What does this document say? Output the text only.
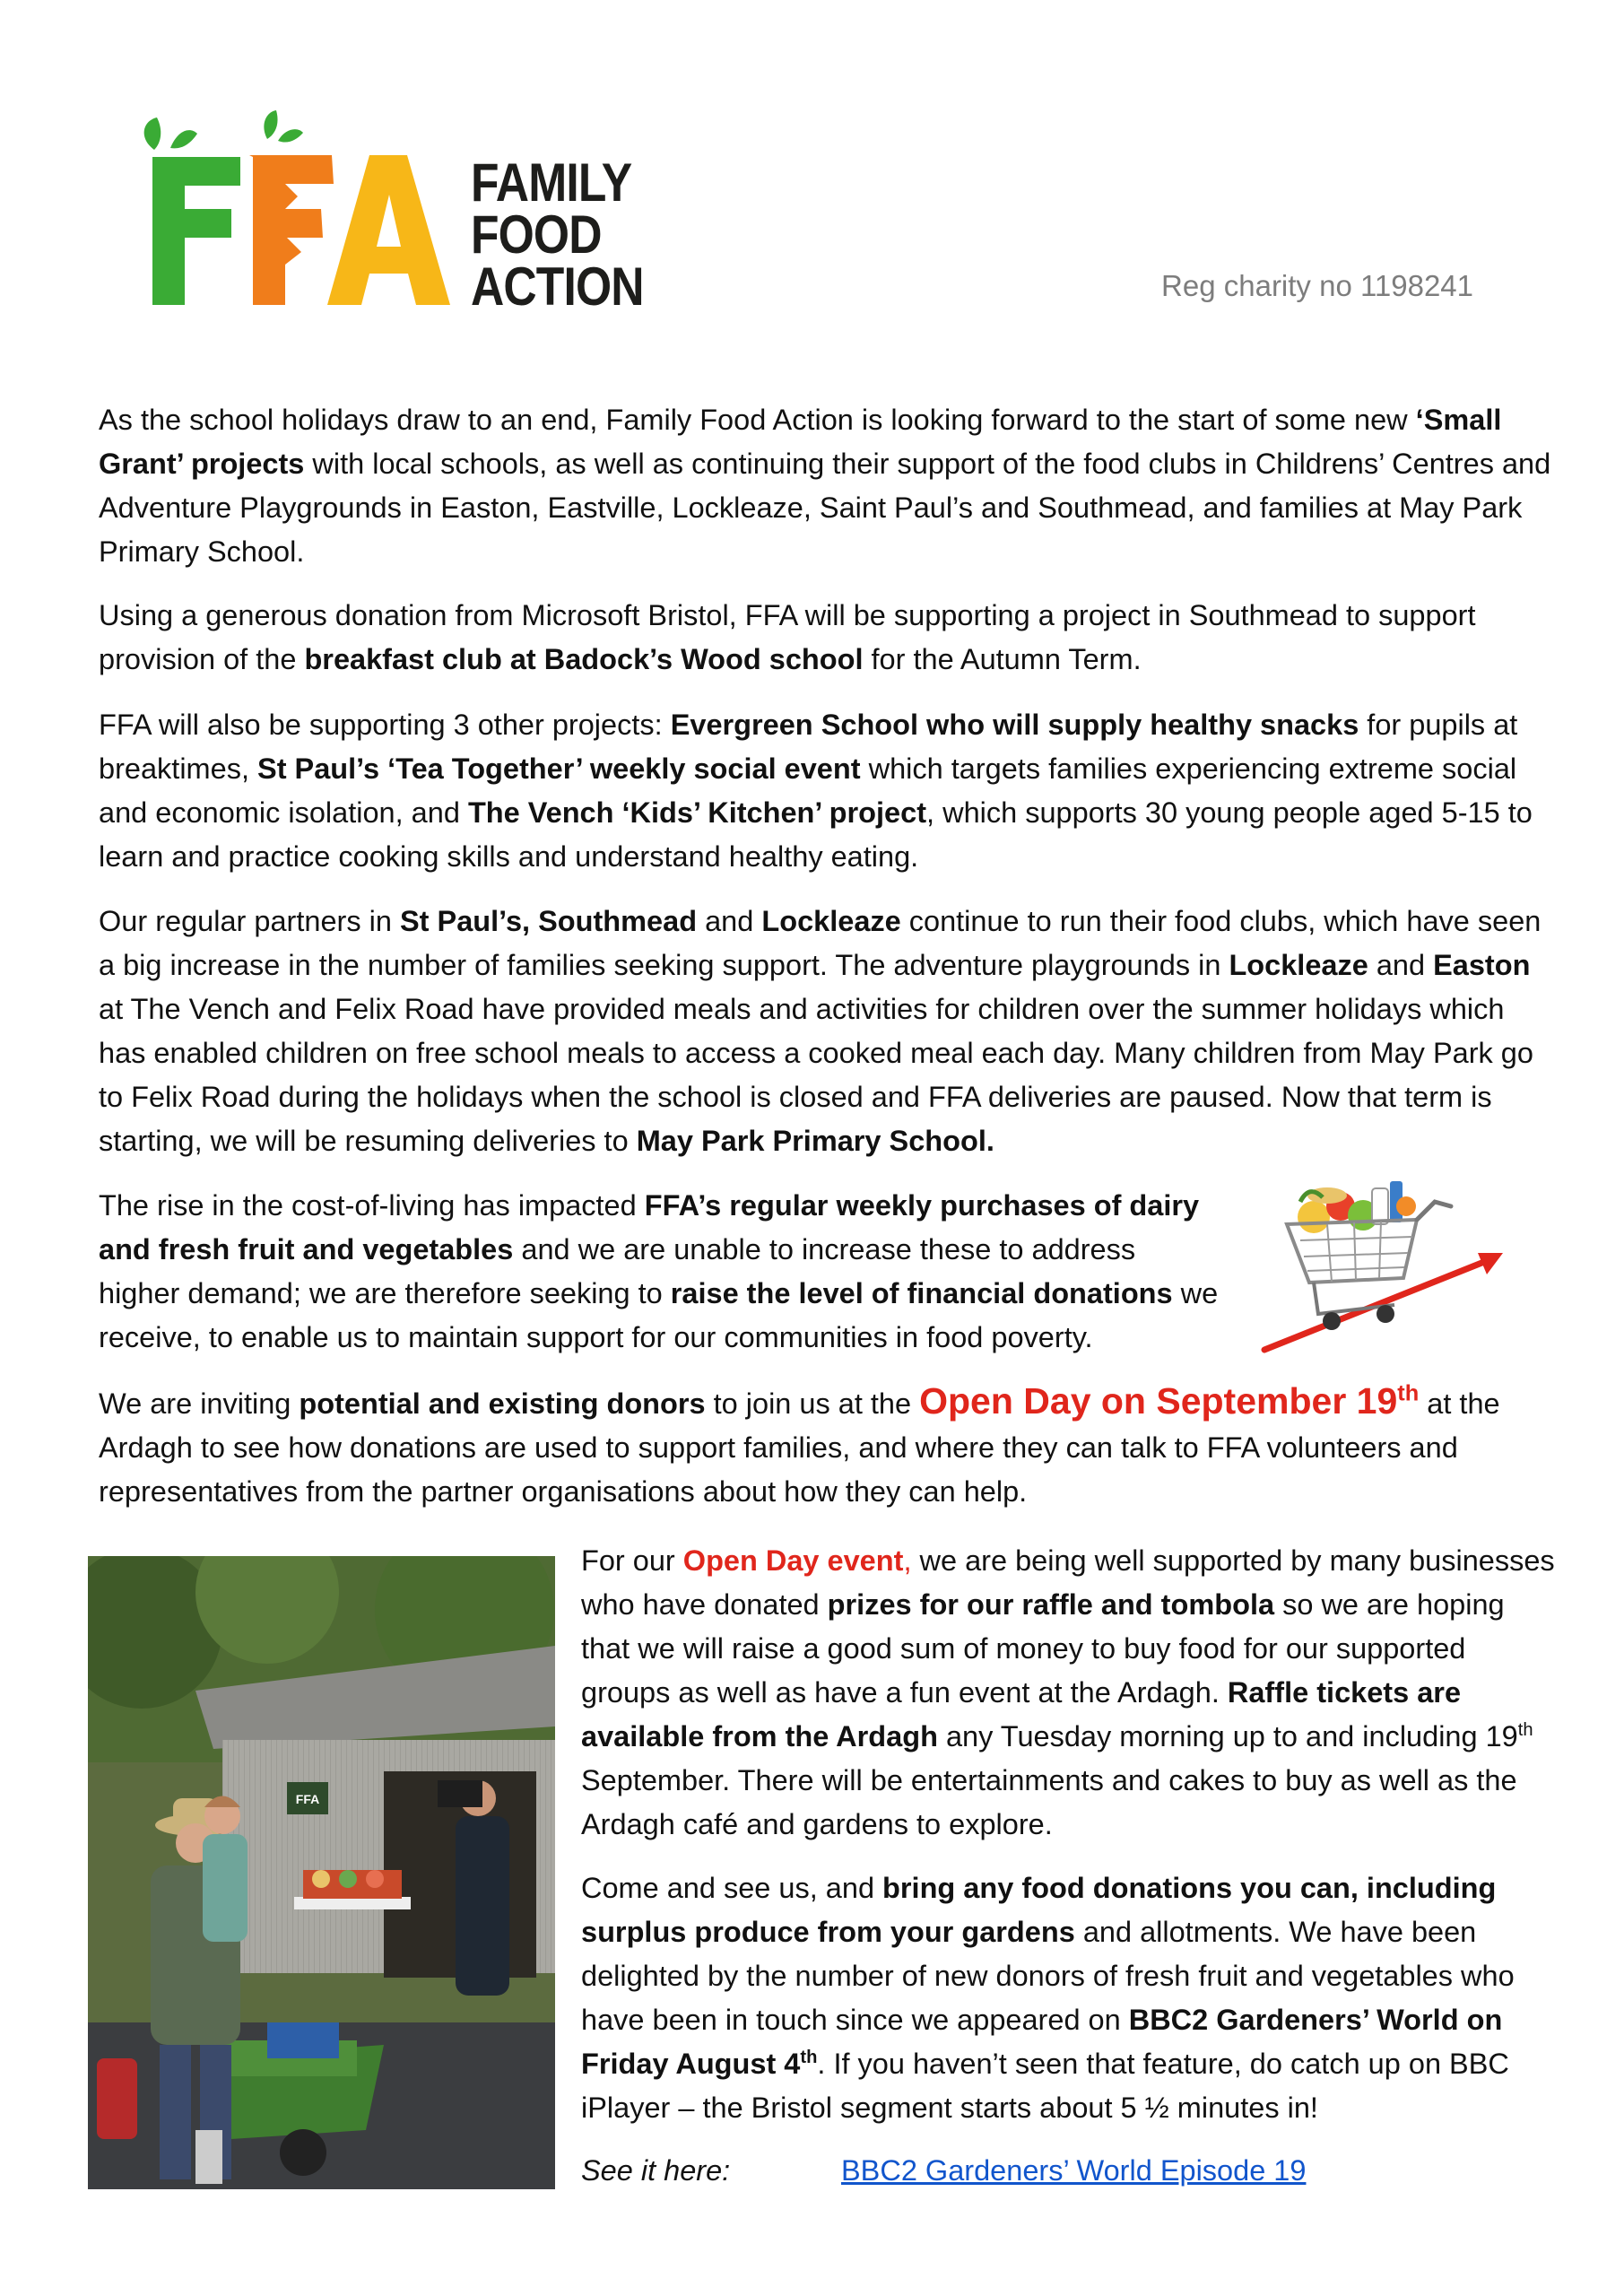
FAMILY
FOOD
ACTION	Reg charity no 1198241

As the school holidays draw to an end, Family Food Action is looking forward to the start of some new ‘Small Grant’ projects with local schools, as well as continuing their support of the food clubs in Childrens’ Centres and Adventure Playgrounds in Easton, Eastville, Lockleaze, Saint Paul’s and Southmead, and families at May Park Primary School.

Using a generous donation from Microsoft Bristol, FFA will be supporting a project in Southmead to support provision of the breakfast club at Badock’s Wood school for the Autumn Term.

FFA will also be supporting 3 other projects: Evergreen School who will supply healthy snacks for pupils at breaktimes, St Paul’s ‘Tea Together’ weekly social event which targets families experiencing extreme social and economic isolation, and The Vench ‘Kids’ Kitchen’ project, which supports 30 young people aged 5-15 to learn and practice cooking skills and understand healthy eating.

Our regular partners in St Paul’s, Southmead and Lockleaze continue to run their food clubs, which have seen a big increase in the number of families seeking support. The adventure playgrounds in Lockleaze and Easton at The Vench and Felix Road have provided meals and activities for children over the summer holidays which has enabled children on free school meals to access a cooked meal each day. Many children from May Park go to Felix Road during the holidays when the school is closed and FFA deliveries are paused. Now that term is starting, we will be resuming deliveries to May Park Primary School.

The rise in the cost-of-living has impacted FFA’s regular weekly purchases of dairy and fresh fruit and vegetables and we are unable to increase these to address higher demand; we are therefore seeking to raise the level of financial donations we receive, to enable us to maintain support for our communities in food poverty.

We are inviting potential and existing donors to join us at the Open Day on September 19th at the Ardagh to see how donations are used to support families, and where they can talk to FFA volunteers and representatives from the partner organisations about how they can help.

FFA

For our Open Day event, we are being well supported by many businesses who have donated prizes for our raffle and tombola so we are hoping that we will raise a good sum of money to buy food for our supported groups as well as have a fun event at the Ardagh. Raffle tickets are available from the Ardagh any Tuesday morning up to and including 19th September. There will be entertainments and cakes to buy as well as the Ardagh café and gardens to explore.

Come and see us, and bring any food donations you can, including surplus produce from your gardens and allotments. We have been delighted by the number of new donors of fresh fruit and vegetables who have been in touch since we appeared on BBC2 Gardeners’ World on Friday August 4th. If you haven’t seen that feature, do catch up on BBC iPlayer – the Bristol segment starts about 5 ½ minutes in!

See it here:	BBC2 Gardeners’ World Episode 19
